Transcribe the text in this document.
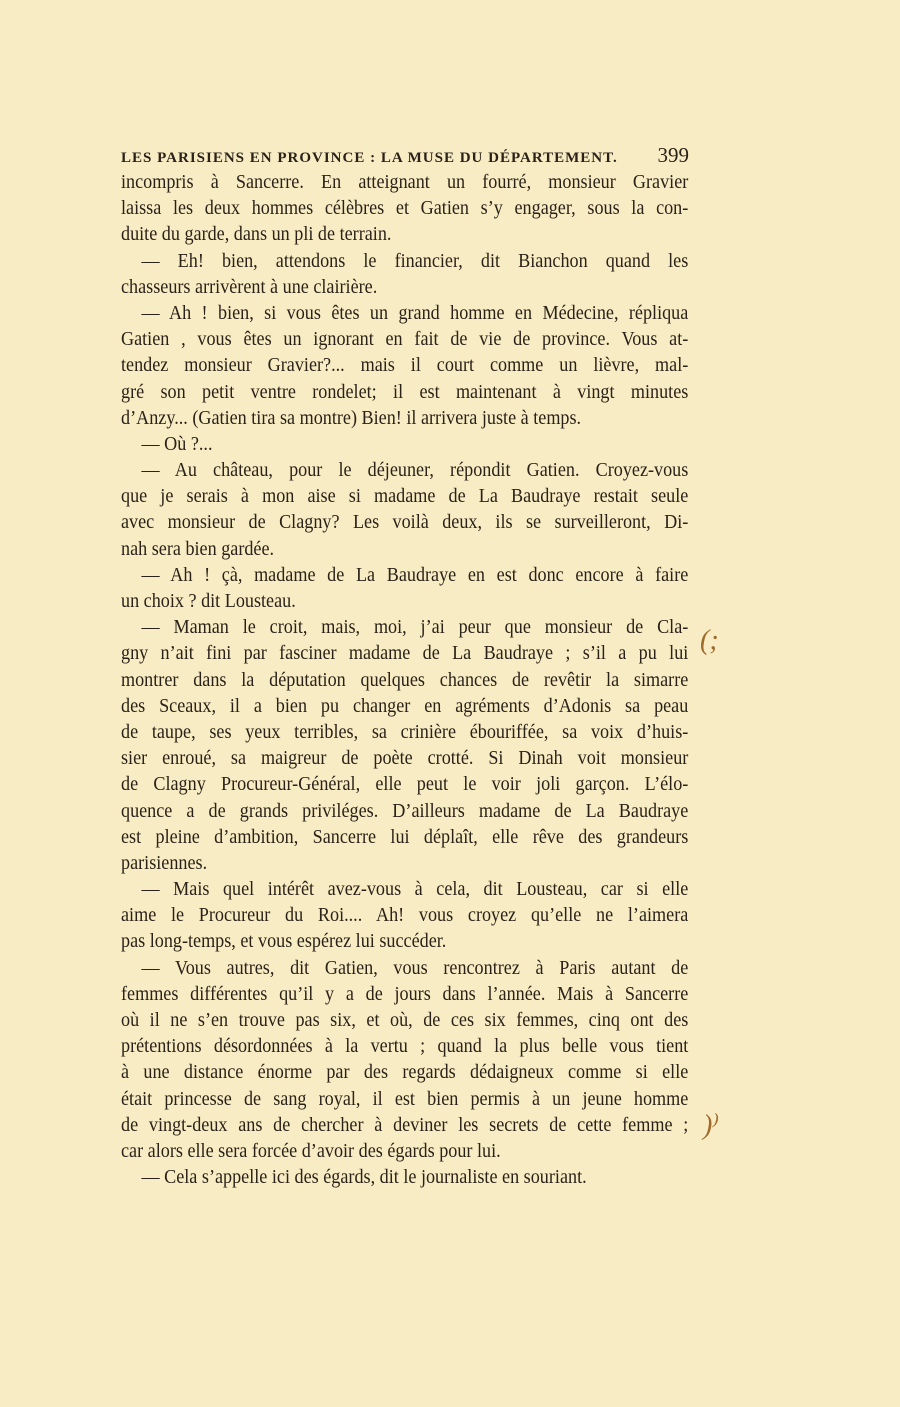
LES PARISIENS EN PROVINCE : LA MUSE DU DÉPARTEMENT. 399
incompris à Sancerre. En atteignant un fourré, monsieur Gravier
laissa les deux hommes célèbres et Gatien s’y engager, sous la con-
duite du garde, dans un pli de terrain.
— Eh! bien, attendons le financier, dit Bianchon quand les
chasseurs arrivèrent à une clairière.
— Ah ! bien, si vous êtes un grand homme en Médecine, répliqua
Gatien , vous êtes un ignorant en fait de vie de province. Vous at-
tendez monsieur Gravier?... mais il court comme un lièvre, mal-
gré son petit ventre rondelet; il est maintenant à vingt minutes
d’Anzy... (Gatien tira sa montre) Bien! il arrivera juste à temps.
— Où ?...
— Au château, pour le déjeuner, répondit Gatien. Croyez-vous
que je serais à mon aise si madame de La Baudraye restait seule
avec monsieur de Clagny? Les voilà deux, ils se surveilleront, Di-
nah sera bien gardée.
— Ah ! çà, madame de La Baudraye en est donc encore à faire
un choix ? dit Lousteau.
— Maman le croit, mais, moi, j’ai peur que monsieur de Cla-
gny n’ait fini par fasciner madame de La Baudraye ; s’il a pu lui
montrer dans la députation quelques chances de revêtir la simarre
des Sceaux, il a bien pu changer en agréments d’Adonis sa peau
de taupe, ses yeux terribles, sa crinière ébouriffée, sa voix d’huis-
sier enroué, sa maigreur de poète crotté. Si Dinah voit monsieur
de Clagny Procureur-Général, elle peut le voir joli garçon. L’élo-
quence a de grands priviléges. D’ailleurs madame de La Baudraye
est pleine d’ambition, Sancerre lui déplaît, elle rêve des grandeurs
parisiennes.
— Mais quel intérêt avez-vous à cela, dit Lousteau, car si elle
aime le Procureur du Roi.... Ah! vous croyez qu’elle ne l’aimera
pas long-temps, et vous espérez lui succéder.
— Vous autres, dit Gatien, vous rencontrez à Paris autant de
femmes différentes qu’il y a de jours dans l’année. Mais à Sancerre
où il ne s’en trouve pas six, et où, de ces six femmes, cinq ont des
prétentions désordonnées à la vertu ; quand la plus belle vous tient
à une distance énorme par des regards dédaigneux comme si elle
était princesse de sang royal, il est bien permis à un jeune homme
de vingt-deux ans de chercher à deviner les secrets de cette femme ;
car alors elle sera forcée d’avoir des égards pour lui.
— Cela s’appelle ici des égards, dit le journaliste en souriant.
(;
)⁾
